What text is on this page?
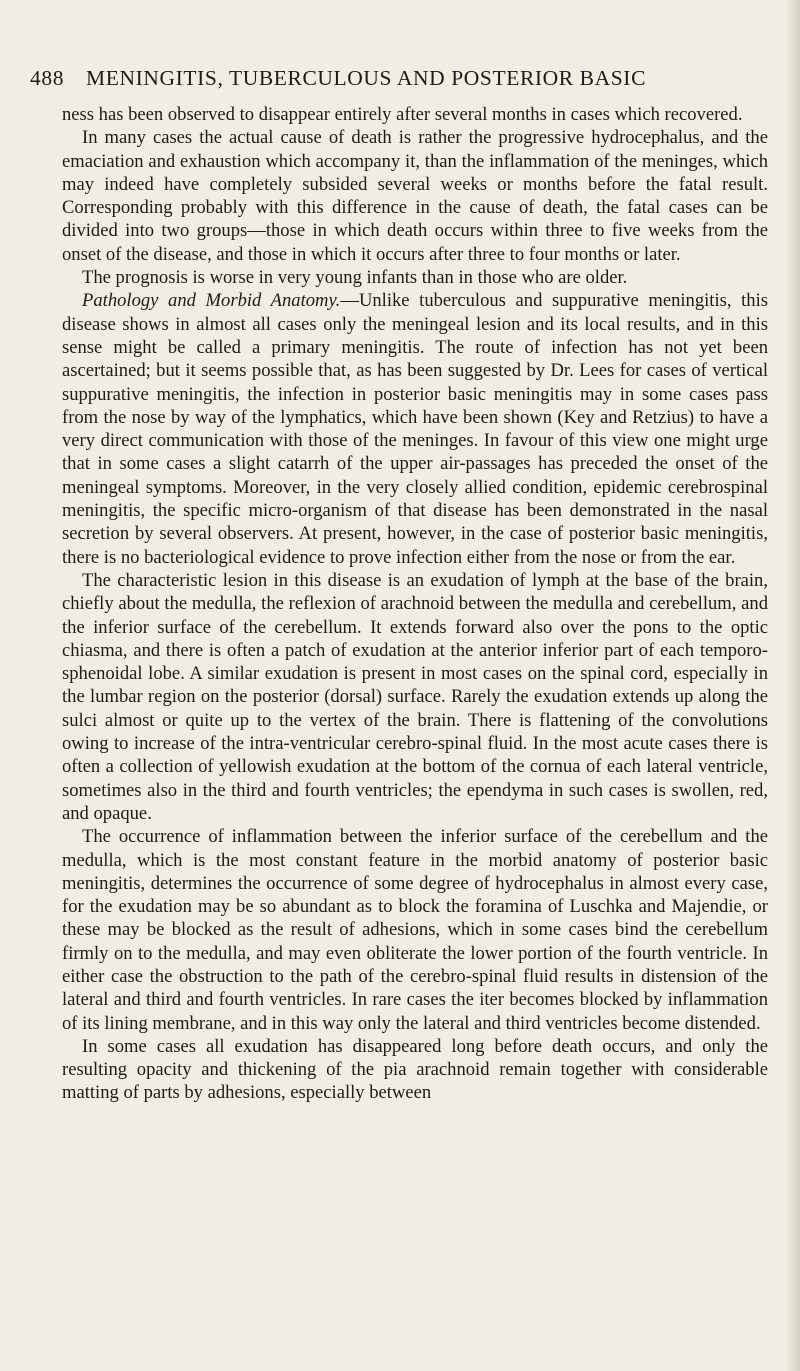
488 MENINGITIS, TUBERCULOUS AND POSTERIOR BASIC

ness has been observed to disappear entirely after several months in cases which recovered.

In many cases the actual cause of death is rather the progressive hydrocephalus, and the emaciation and exhaustion which accompany it, than the inflammation of the meninges, which may indeed have completely subsided several weeks or months before the fatal result. Corresponding probably with this difference in the cause of death, the fatal cases can be divided into two groups—those in which death occurs within three to five weeks from the onset of the disease, and those in which it occurs after three to four months or later.

The prognosis is worse in very young infants than in those who are older.

Pathology and Morbid Anatomy.—Unlike tuberculous and suppurative meningitis, this disease shows in almost all cases only the meningeal lesion and its local results, and in this sense might be called a primary meningitis. The route of infection has not yet been ascertained; but it seems possible that, as has been suggested by Dr. Lees for cases of vertical suppurative meningitis, the infection in posterior basic meningitis may in some cases pass from the nose by way of the lymphatics, which have been shown (Key and Retzius) to have a very direct communication with those of the meninges. In favour of this view one might urge that in some cases a slight catarrh of the upper air-passages has preceded the onset of the meningeal symptoms. Moreover, in the very closely allied condition, epidemic cerebrospinal meningitis, the specific micro-organism of that disease has been demonstrated in the nasal secretion by several observers. At present, however, in the case of posterior basic meningitis, there is no bacteriological evidence to prove infection either from the nose or from the ear.

The characteristic lesion in this disease is an exudation of lymph at the base of the brain, chiefly about the medulla, the reflexion of arachnoid between the medulla and cerebellum, and the inferior surface of the cerebellum. It extends forward also over the pons to the optic chiasma, and there is often a patch of exudation at the anterior inferior part of each temporo-sphenoidal lobe. A similar exudation is present in most cases on the spinal cord, especially in the lumbar region on the posterior (dorsal) surface. Rarely the exudation extends up along the sulci almost or quite up to the vertex of the brain. There is flattening of the convolutions owing to increase of the intra-ventricular cerebro-spinal fluid. In the most acute cases there is often a collection of yellowish exudation at the bottom of the cornua of each lateral ventricle, sometimes also in the third and fourth ventricles; the ependyma in such cases is swollen, red, and opaque.

The occurrence of inflammation between the inferior surface of the cerebellum and the medulla, which is the most constant feature in the morbid anatomy of posterior basic meningitis, determines the occurrence of some degree of hydrocephalus in almost every case, for the exudation may be so abundant as to block the foramina of Luschka and Majendie, or these may be blocked as the result of adhesions, which in some cases bind the cerebellum firmly on to the medulla, and may even obliterate the lower portion of the fourth ventricle. In either case the obstruction to the path of the cerebro-spinal fluid results in distension of the lateral and third and fourth ventricles. In rare cases the iter becomes blocked by inflammation of its lining membrane, and in this way only the lateral and third ventricles become distended.

In some cases all exudation has disappeared long before death occurs, and only the resulting opacity and thickening of the pia arachnoid remain together with considerable matting of parts by adhesions, especially between
